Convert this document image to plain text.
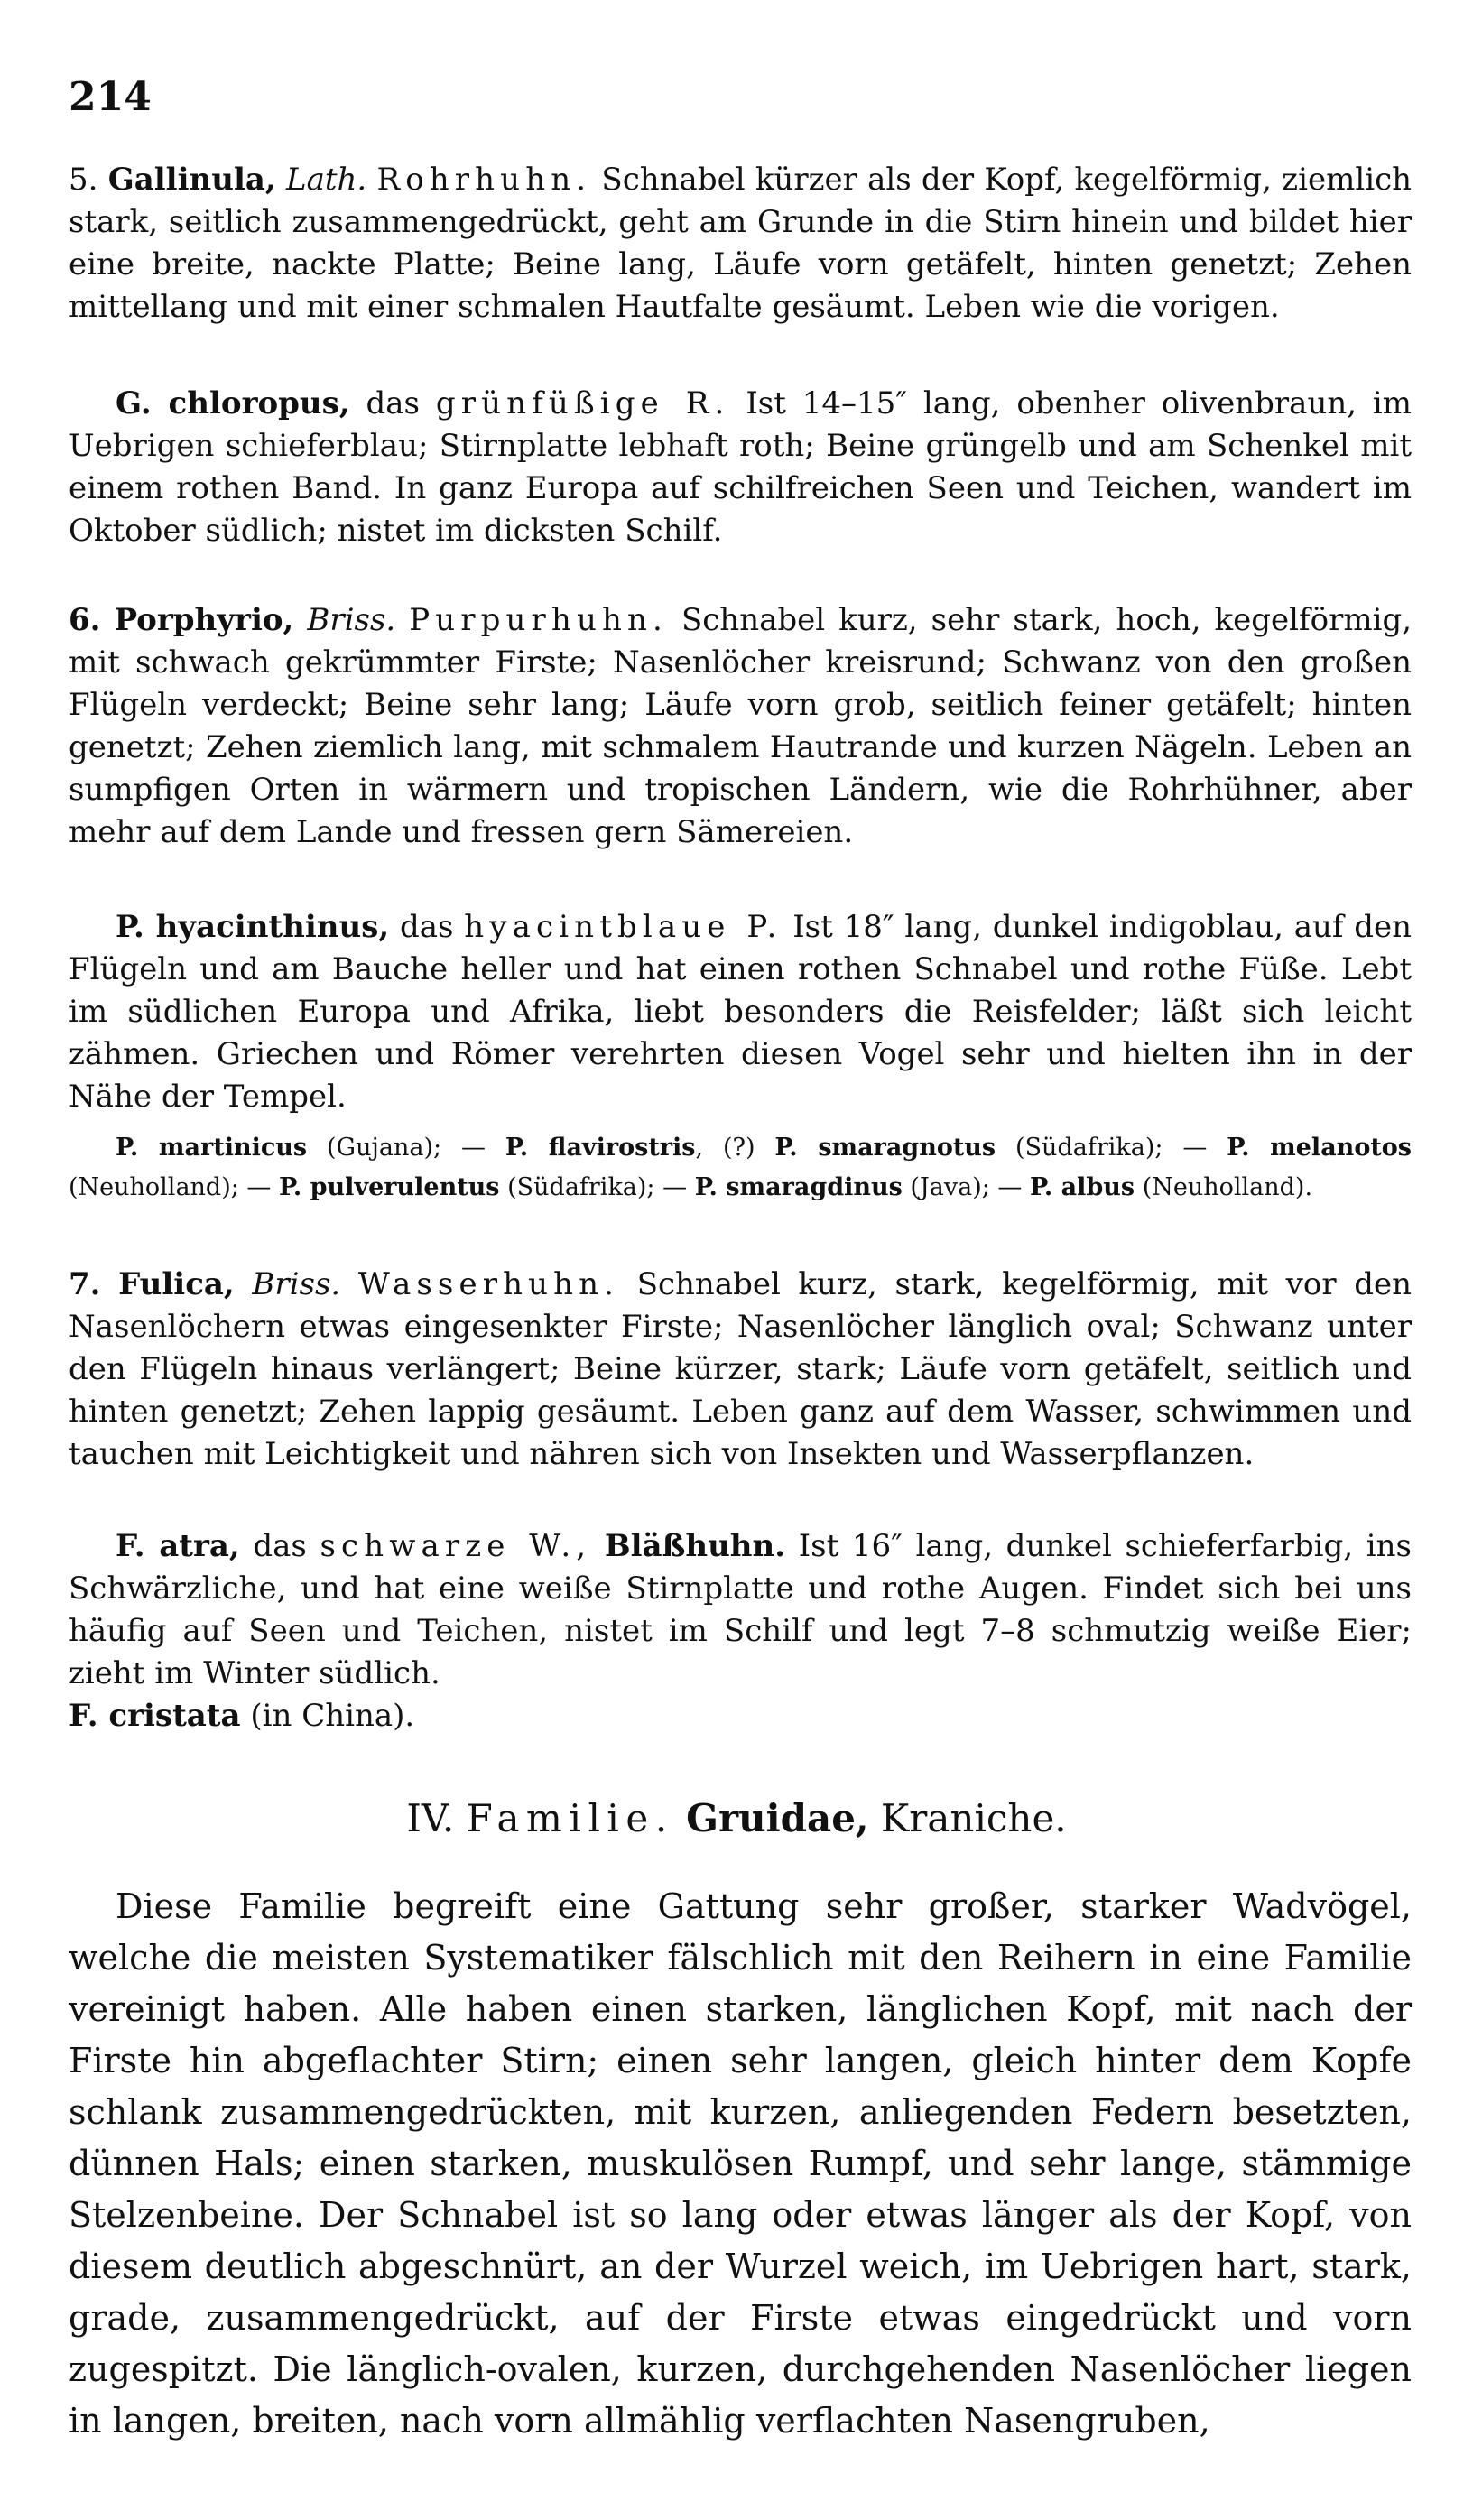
214

5. Gallinula, Lath. Rohrhuhn. Schnabel kürzer als der Kopf, kegelförmig, ziemlich stark, seitlich zusammengedrückt, geht am Grunde in die Stirn hinein und bildet hier eine breite, nackte Platte; Beine lang, Läufe vorn getäfelt, hinten genetzt; Zehen mittellang und mit einer schmalen Hautfalte gesäumt. Leben wie die vorigen.

G. chloropus, das grünfüßige R. Ist 14–15″ lang, obenher olivenbraun, im Uebrigen schieferblau; Stirnplatte lebhaft roth; Beine grüngelb und am Schenkel mit einem rothen Band. In ganz Europa auf schilfreichen Seen und Teichen, wandert im Oktober südlich; nistet im dicksten Schilf.

6. Porphyrio, Briss. Purpurhuhn. Schnabel kurz, sehr stark, hoch, kegelförmig, mit schwach gekrümmter Firste; Nasenlöcher kreisrund; Schwanz von den großen Flügeln verdeckt; Beine sehr lang; Läufe vorn grob, seitlich feiner getäfelt; hinten genetzt; Zehen ziemlich lang, mit schmalem Hautrande und kurzen Nägeln. Leben an sumpfigen Orten in wärmern und tropischen Ländern, wie die Rohrhühner, aber mehr auf dem Lande und fressen gern Sämereien.

P. hyacinthinus, das hyacintblaue P. Ist 18″ lang, dunkel indigoblau, auf den Flügeln und am Bauche heller und hat einen rothen Schnabel und rothe Füße. Lebt im südlichen Europa und Afrika, liebt besonders die Reisfelder; läßt sich leicht zähmen. Griechen und Römer verehrten diesen Vogel sehr und hielten ihn in der Nähe der Tempel.

P. martinicus (Gujana); — P. flavirostris, (?) P. smaragnotus (Südafrika); — P. melanotos (Neuholland); — P. pulverulentus (Südafrika); — P. smaragdinus (Java); — P. albus (Neuholland).

7. Fulica, Briss. Wasserhuhn. Schnabel kurz, stark, kegelförmig, mit vor den Nasenlöchern etwas eingesenkter Firste; Nasenlöcher länglich oval; Schwanz unter den Flügeln hinaus verlängert; Beine kürzer, stark; Läufe vorn getäfelt, seitlich und hinten genetzt; Zehen lappig gesäumt. Leben ganz auf dem Wasser, schwimmen und tauchen mit Leichtigkeit und nähren sich von Insekten und Wasserpflanzen.

F. atra, das schwarze W., Bläßhuhn. Ist 16″ lang, dunkel schieferfarbig, ins Schwärzliche, und hat eine weiße Stirnplatte und rothe Augen. Findet sich bei uns häufig auf Seen und Teichen, nistet im Schilf und legt 7–8 schmutzig weiße Eier; zieht im Winter südlich.
F. cristata (in China).

IV. Familie. Gruidae, Kraniche.

Diese Familie begreift eine Gattung sehr großer, starker Wadvögel, welche die meisten Systematiker fälschlich mit den Reihern in eine Familie vereinigt haben. Alle haben einen starken, länglichen Kopf, mit nach der Firste hin abgeflachter Stirn; einen sehr langen, gleich hinter dem Kopfe schlank zusammengedrückten, mit kurzen, anliegenden Federn besetzten, dünnen Hals; einen starken, muskulösen Rumpf, und sehr lange, stämmige Stelzenbeine. Der Schnabel ist so lang oder etwas länger als der Kopf, von diesem deutlich abgeschnürt, an der Wurzel weich, im Uebrigen hart, stark, grade, zusammengedrückt, auf der Firste etwas eingedrückt und vorn zugespitzt. Die länglich-ovalen, kurzen, durchgehenden Nasenlöcher liegen in langen, breiten, nach vorn allmählig verflachten Nasengruben,
